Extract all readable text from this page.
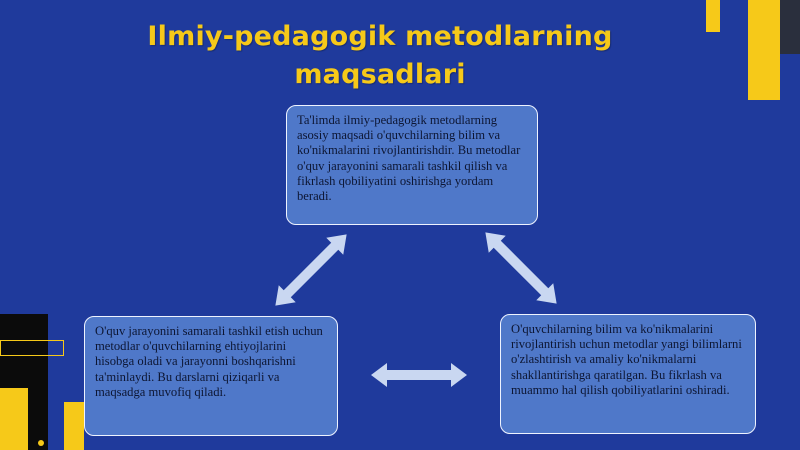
Ilmiy-pedagogik metodlarning maqsadlari
Ta'limda ilmiy-pedagogik metodlarning asosiy maqsadi o'quvchilarning bilim va ko'nikmalarini rivojlantirishdir. Bu metodlar o'quv jarayonini samarali tashkil qilish va fikrlash qobiliyatini oshirishga yordam beradi.
O'quv jarayonini samarali tashkil etish uchun metodlar o'quvchilarning ehtiyojlarini hisobga oladi va jarayonni boshqarishni ta'minlaydi. Bu darslarni qiziqarli va maqsadga muvofiq qiladi.
O'quvchilarning bilim va ko'nikmalarini rivojlantirish uchun metodlar yangi bilimlarni o'zlashtirish va amaliy ko'nikmalarni shakllantirishga qaratilgan. Bu fikrlash va muammo hal qilish qobiliyatlarini oshiradi.
